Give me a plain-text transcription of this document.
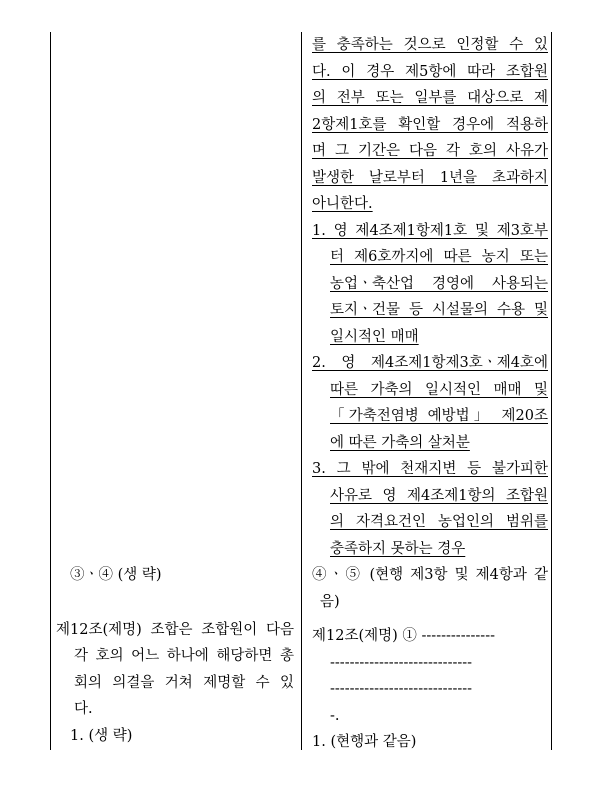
③ㆍ④ (생 략)
제12조(제명) 조합은 조합원이 다음
각 호의 어느 하나에 해당하면 총
회의 의결을 거쳐 제명할 수 있
다.
1. (생 략)
를 충족하는 것으로 인정할 수 있
다. 이 경우 제5항에 따라 조합원
의 전부 또는 일부를 대상으로 제
2항제1호를 확인할 경우에 적용하
며 그 기간은 다음 각 호의 사유가
발생한 날로부터 1년을 초과하지
아니한다.
1. 영 제4조제1항제1호 및 제3호부
터 제6호까지에 따른 농지 또는
농업ㆍ축산업 경영에 사용되는
토지ㆍ건물 등 시설물의 수용 및
일시적인 매매
2. 영 제4조제1항제3호ㆍ제4호에
따른 가축의 일시적인 매매 및
「가축전염병 예방법」 제20조
에 따른 가축의 살처분
3. 그 밖에 천재지변 등 불가피한
사유로 영 제4조제1항의 조합원
의 자격요건인 농업인의 범위를
충족하지 못하는 경우
④ㆍ⑤ (현행 제3항 및 제4항과 같
음)
제12조(제명) ① ---------------
-----------------------------
-----------------------------
-.
1. (현행과 같음)
